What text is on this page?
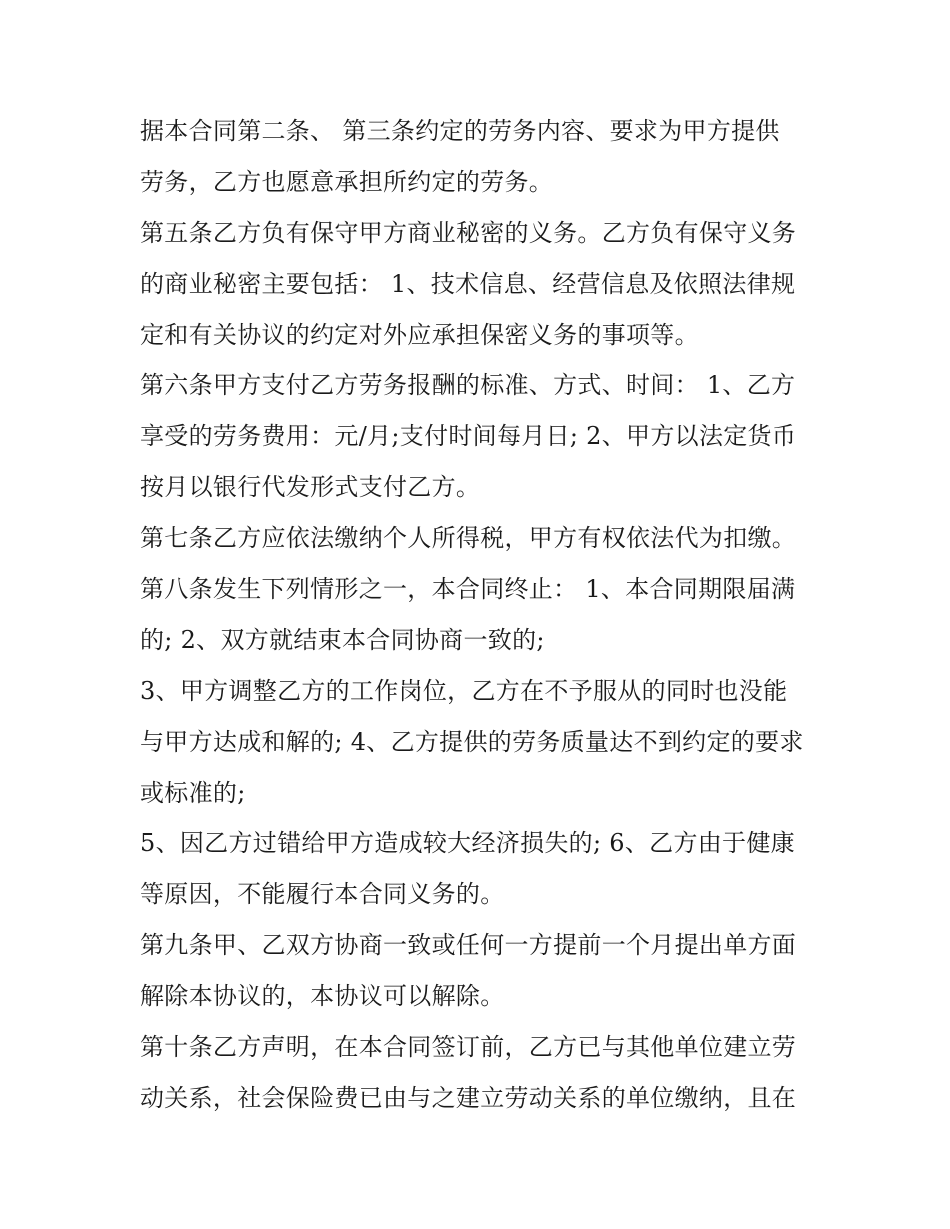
据本合同第二条、 第三条约定的劳务内容、要求为甲方提供
劳务，乙方也愿意承担所约定的劳务。
第五条乙方负有保守甲方商业秘密的义务。乙方负有保守义务
的商业秘密主要包括： 1、技术信息、经营信息及依照法律规
定和有关协议的约定对外应承担保密义务的事项等。
第六条甲方支付乙方劳务报酬的标准、方式、时间： 1、乙方
享受的劳务费用：元/月;支付时间每月日; 2、甲方以法定货币
按月以银行代发形式支付乙方。
第七条乙方应依法缴纳个人所得税，甲方有权依法代为扣缴。
第八条发生下列情形之一，本合同终止： 1、本合同期限届满
的; 2、双方就结束本合同协商一致的;
3、甲方调整乙方的工作岗位，乙方在不予服从的同时也没能
与甲方达成和解的; 4、乙方提供的劳务质量达不到约定的要求
或标准的;
5、因乙方过错给甲方造成较大经济损失的; 6、乙方由于健康
等原因，不能履行本合同义务的。
第九条甲、乙双方协商一致或任何一方提前一个月提出单方面
解除本协议的，本协议可以解除。
第十条乙方声明，在本合同签订前，乙方已与其他单位建立劳
动关系，社会保险费已由与之建立劳动关系的单位缴纳，且在
